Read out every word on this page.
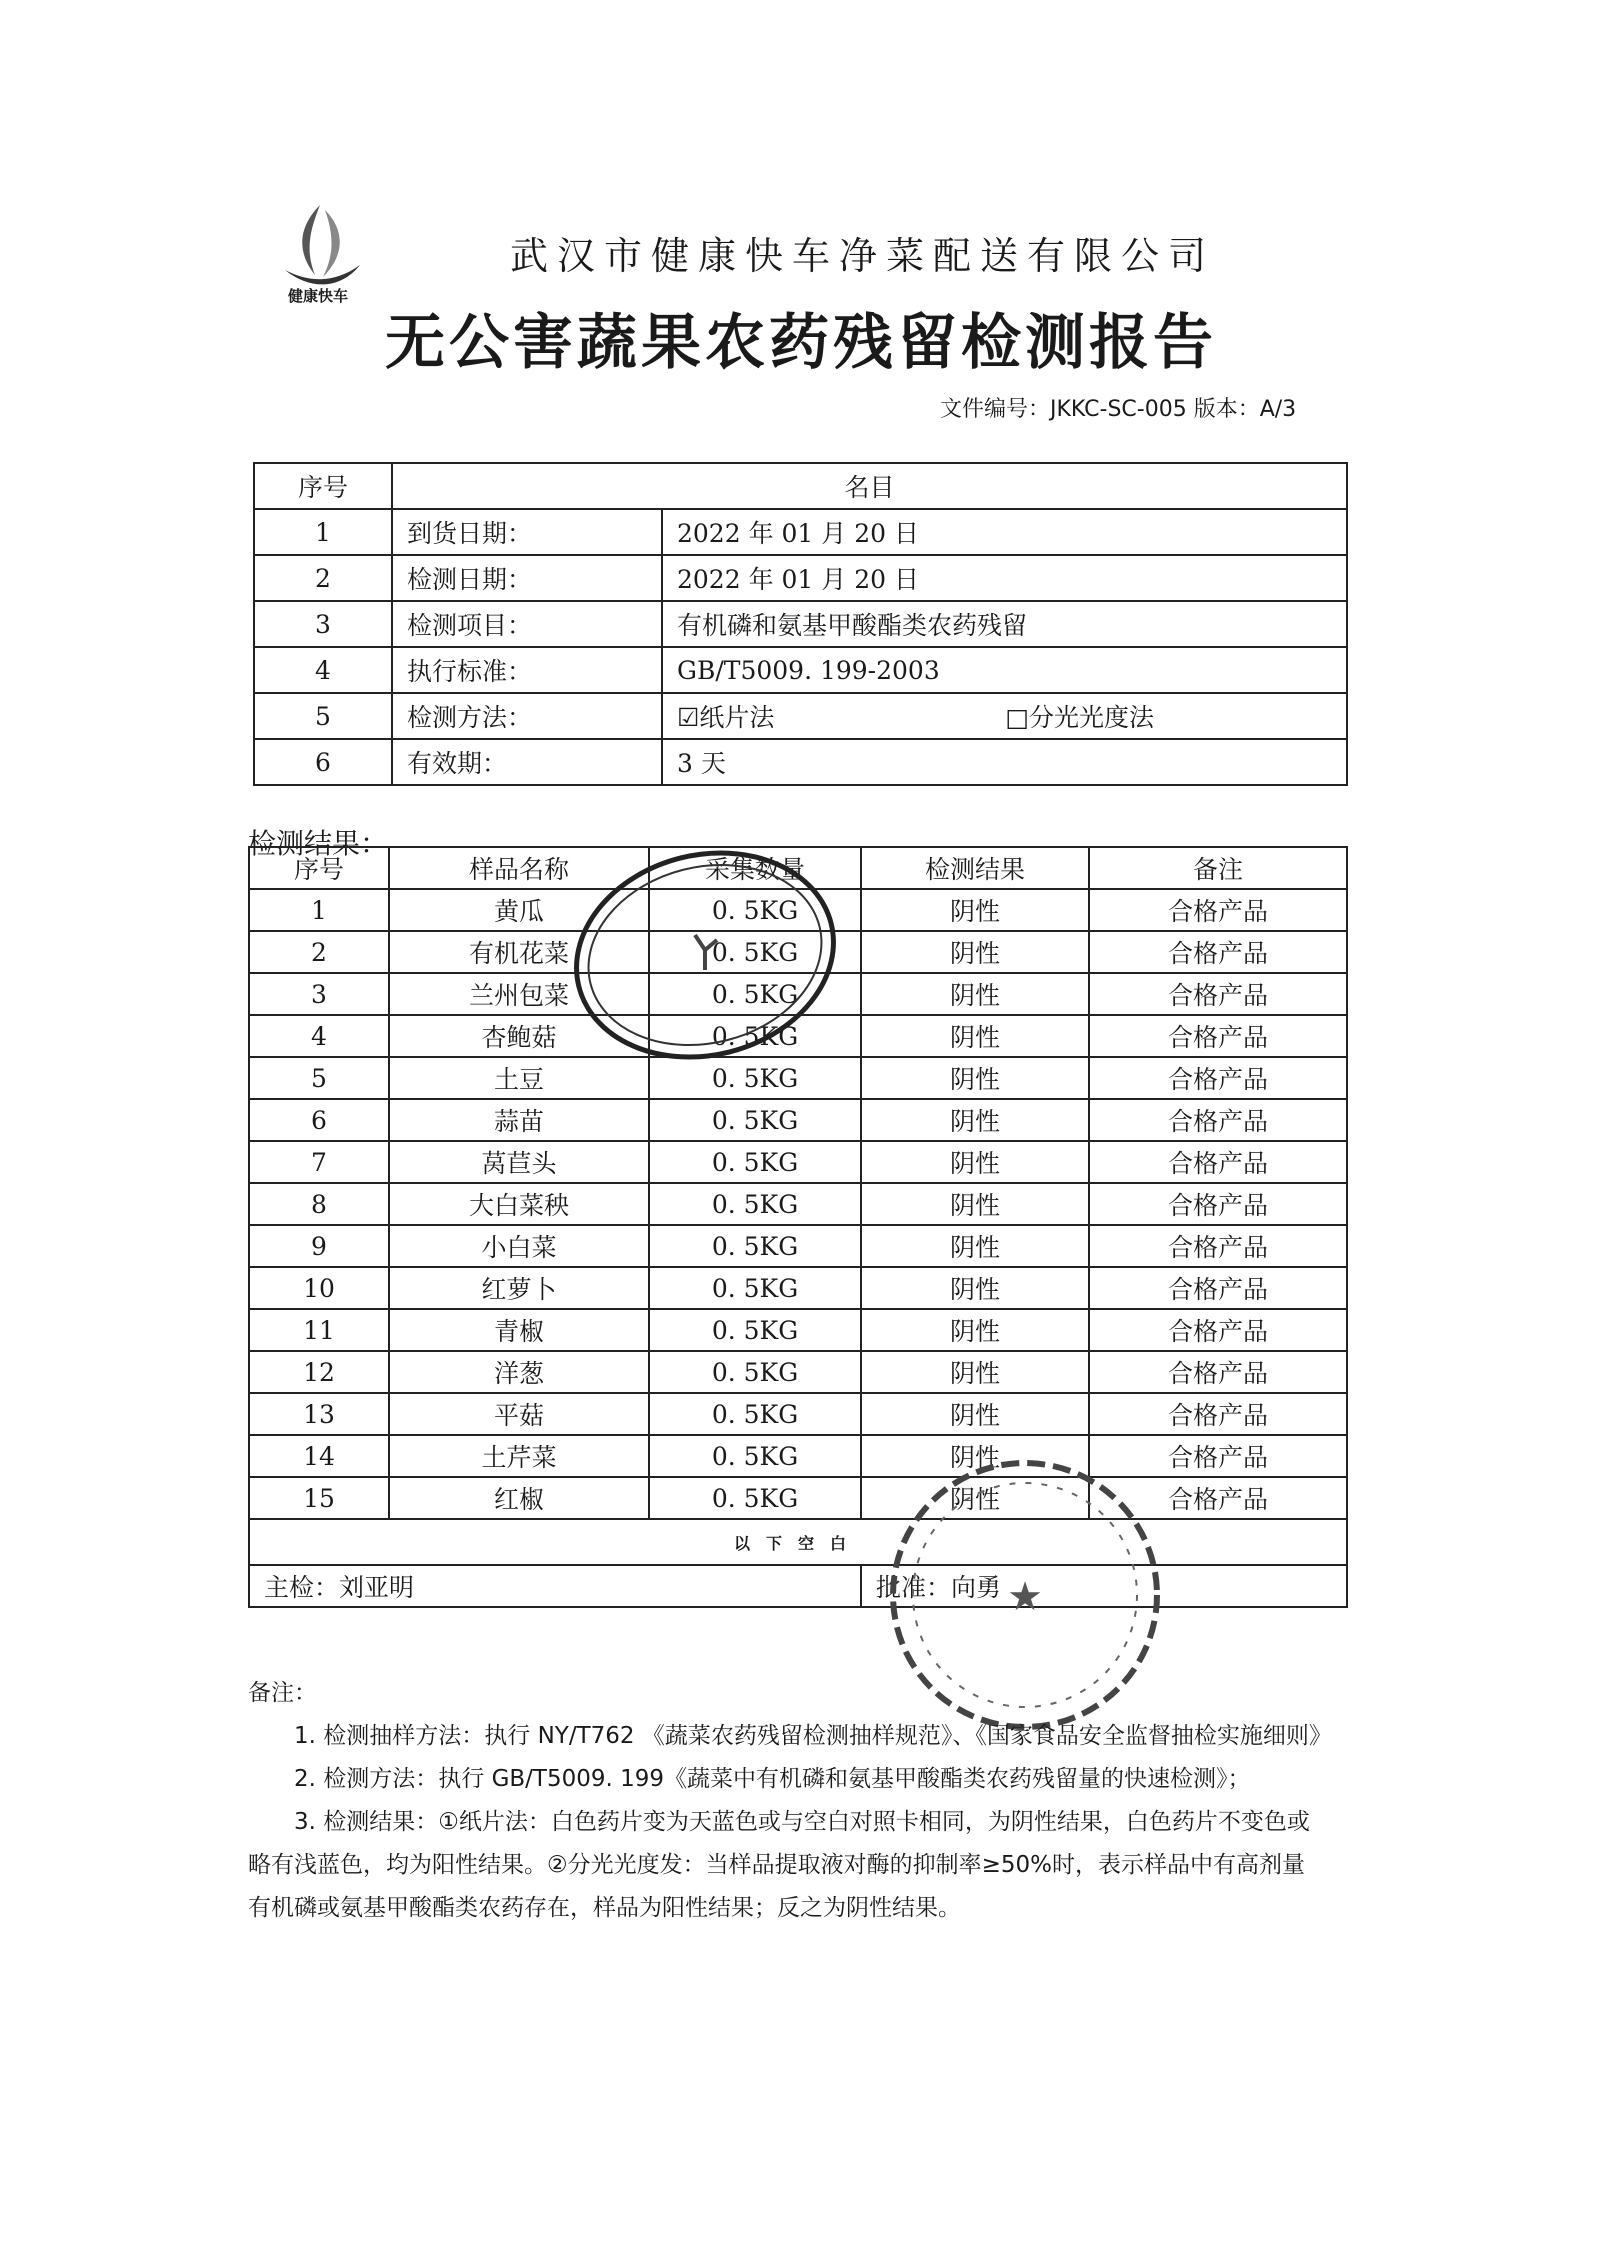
健康快车
武汉市健康快车净菜配送有限公司
无公害蔬果农药残留检测报告
文件编号：JKKC-SC-005 版本：A/3
序号	名目	
1	到货日期：	2022 年 01 月 20 日
2	检测日期：	2022 年 01 月 20 日
3	检测项目：	有机磷和氨基甲酸酯类农药残留
4	执行标准：	GB/T5009. 199-2003
5	检测方法：	☑纸片法 □分光光度法
6	有效期：	3 天
检测结果：
序号	样品名称	采集数量	检测结果	备注
1	黄瓜	0. 5KG	阴性	合格产品
2	有机花菜	0. 5KG	阴性	合格产品
3	兰州包菜	0. 5KG	阴性	合格产品
4	杏鲍菇	0. 5KG	阴性	合格产品
5	土豆	0. 5KG	阴性	合格产品
6	蒜苗	0. 5KG	阴性	合格产品
7	莴苣头	0. 5KG	阴性	合格产品
8	大白菜秧	0. 5KG	阴性	合格产品
9	小白菜	0. 5KG	阴性	合格产品
10	红萝卜	0. 5KG	阴性	合格产品
11	青椒	0. 5KG	阴性	合格产品
12	洋葱	0. 5KG	阴性	合格产品
13	平菇	0. 5KG	阴性	合格产品
14	土芹菜	0. 5KG	阴性	合格产品
15	红椒	0. 5KG	阴性	合格产品
以下空白				
主检：刘亚明			批准：向勇	★

备注：

1. 检测抽样方法：执行 NY/T762 《蔬菜农药残留检测抽样规范》、《国家食品安全监督抽检实施细则》

2. 检测方法：执行 GB/T5009. 199《蔬菜中有机磷和氨基甲酸酯类农药残留量的快速检测》；

3. 检测结果：①纸片法：白色药片变为天蓝色或与空白对照卡相同，为阴性结果，白色药片不变色或

略有浅蓝色，均为阳性结果。②分光光度发：当样品提取液对酶的抑制率≥50%时，表示样品中有高剂量

有机磷或氨基甲酸酯类农药存在，样品为阳性结果；反之为阴性结果。
